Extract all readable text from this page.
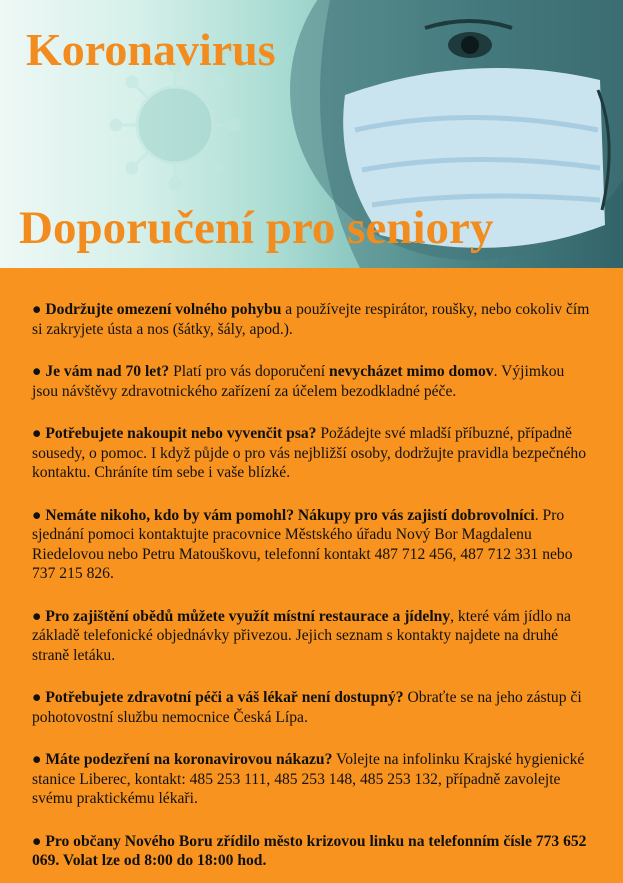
Koronavirus
Doporučení pro seniory

● Dodržujte omezení volného pohybu a používejte respirátor, roušky, nebo cokoliv čím si zakryjete ústa a nos (šátky, šály, apod.).

● Je vám nad 70 let? Platí pro vás doporučení nevycházet mimo domov. Výjimkou jsou návštěvy zdravotnického zařízení za účelem bezodkladné péče.

● Potřebujete nakoupit nebo vyvenčit psa? Požádejte své mladší příbuzné, případně sousedy, o pomoc. I když půjde o pro vás nejbližší osoby, dodržujte pravidla bezpečného kontaktu. Chráníte tím sebe i vaše blízké.

● Nemáte nikoho, kdo by vám pomohl? Nákupy pro vás zajistí dobrovolníci. Pro sjednání pomoci kontaktujte pracovnice Městského úřadu Nový Bor Magdalenu Riedelovou nebo Petru Matouškovu, telefonní kontakt 487 712 456, 487 712 331 nebo 737 215 826.

● Pro zajištění obědů můžete využít místní restaurace a jídelny, které vám jídlo na základě telefonické objednávky přivezou. Jejich seznam s kontakty najdete na druhé straně letáku.

● Potřebujete zdravotní péči a váš lékař není dostupný? Obraťte se na jeho zástup či pohotovostní službu nemocnice Česká Lípa.

● Máte podezření na koronavirovou nákazu? Volejte na infolinku Krajské hygienické stanice Liberec, kontakt: 485 253 111, 485 253 148, 485 253 132, případně zavolejte svému praktickému lékaři.

● Pro občany Nového Boru zřídilo město krizovou linku na telefonním čísle 773 652 069. Volat lze od 8:00 do 18:00 hod.
